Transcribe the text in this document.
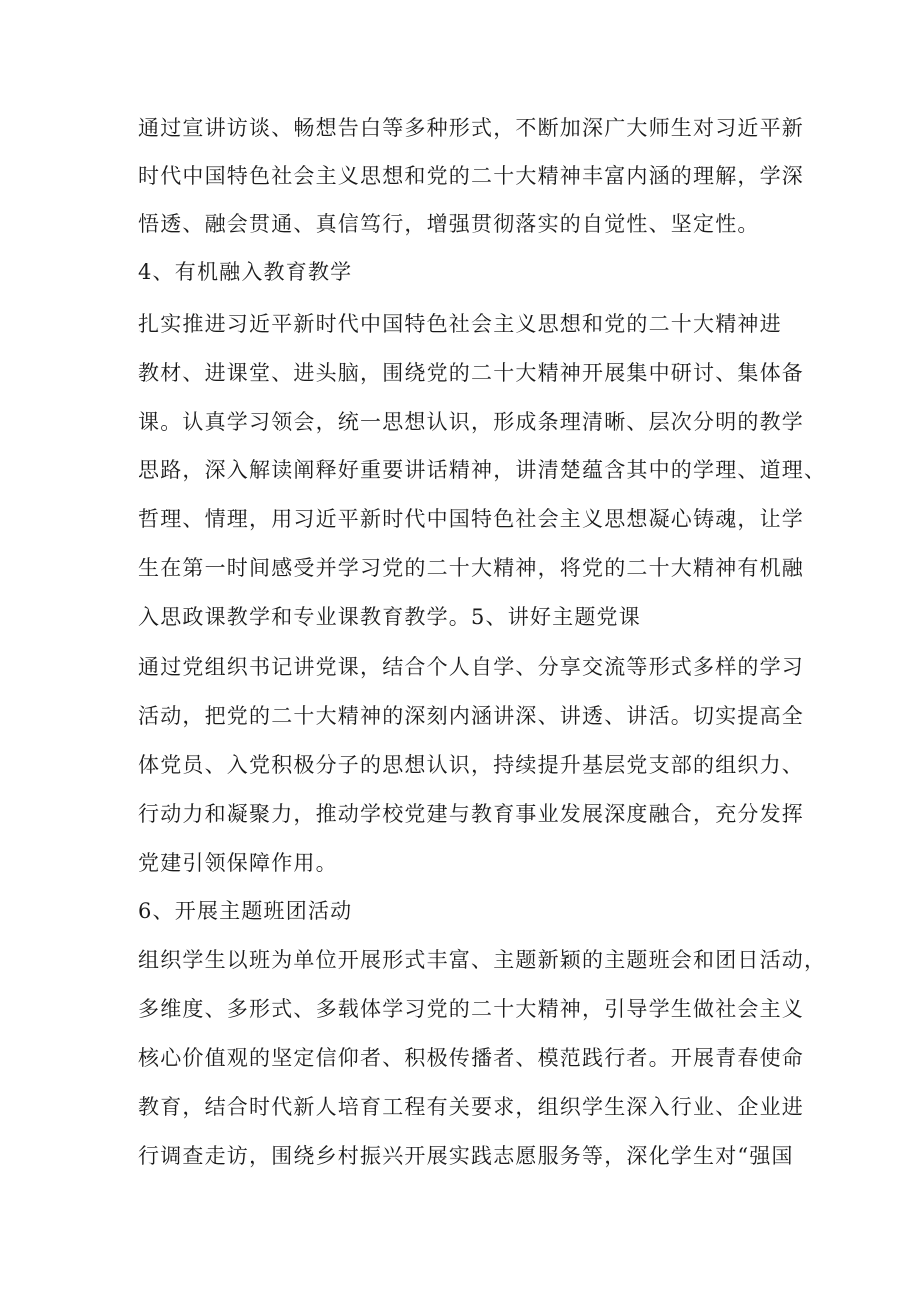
通过宣讲访谈、畅想告白等多种形式，不断加深广大师生对习近平新
时代中国特色社会主义思想和党的二十大精神丰富内涵的理解，学深
悟透、融会贯通、真信笃行，增强贯彻落实的自觉性、坚定性。
4、有机融入教育教学
扎实推进习近平新时代中国特色社会主义思想和党的二十大精神进
教材、进课堂、进头脑，围绕党的二十大精神开展集中研讨、集体备
课。认真学习领会，统一思想认识，形成条理清晰、层次分明的教学
思路，深入解读阐释好重要讲话精神，讲清楚蕴含其中的学理、道理、
哲理、情理，用习近平新时代中国特色社会主义思想凝心铸魂，让学
生在第一时间感受并学习党的二十大精神，将党的二十大精神有机融
入思政课教学和专业课教育教学。5、讲好主题党课
通过党组织书记讲党课，结合个人自学、分享交流等形式多样的学习
活动，把党的二十大精神的深刻内涵讲深、讲透、讲活。切实提高全
体党员、入党积极分子的思想认识，持续提升基层党支部的组织力、
行动力和凝聚力，推动学校党建与教育事业发展深度融合，充分发挥
党建引领保障作用。
6、开展主题班团活动
组织学生以班为单位开展形式丰富、主题新颖的主题班会和团日活动，
多维度、多形式、多载体学习党的二十大精神，引导学生做社会主义
核心价值观的坚定信仰者、积极传播者、模范践行者。开展青春使命
教育，结合时代新人培育工程有关要求，组织学生深入行业、企业进
行调查走访，围绕乡村振兴开展实践志愿服务等，深化学生对“强国
